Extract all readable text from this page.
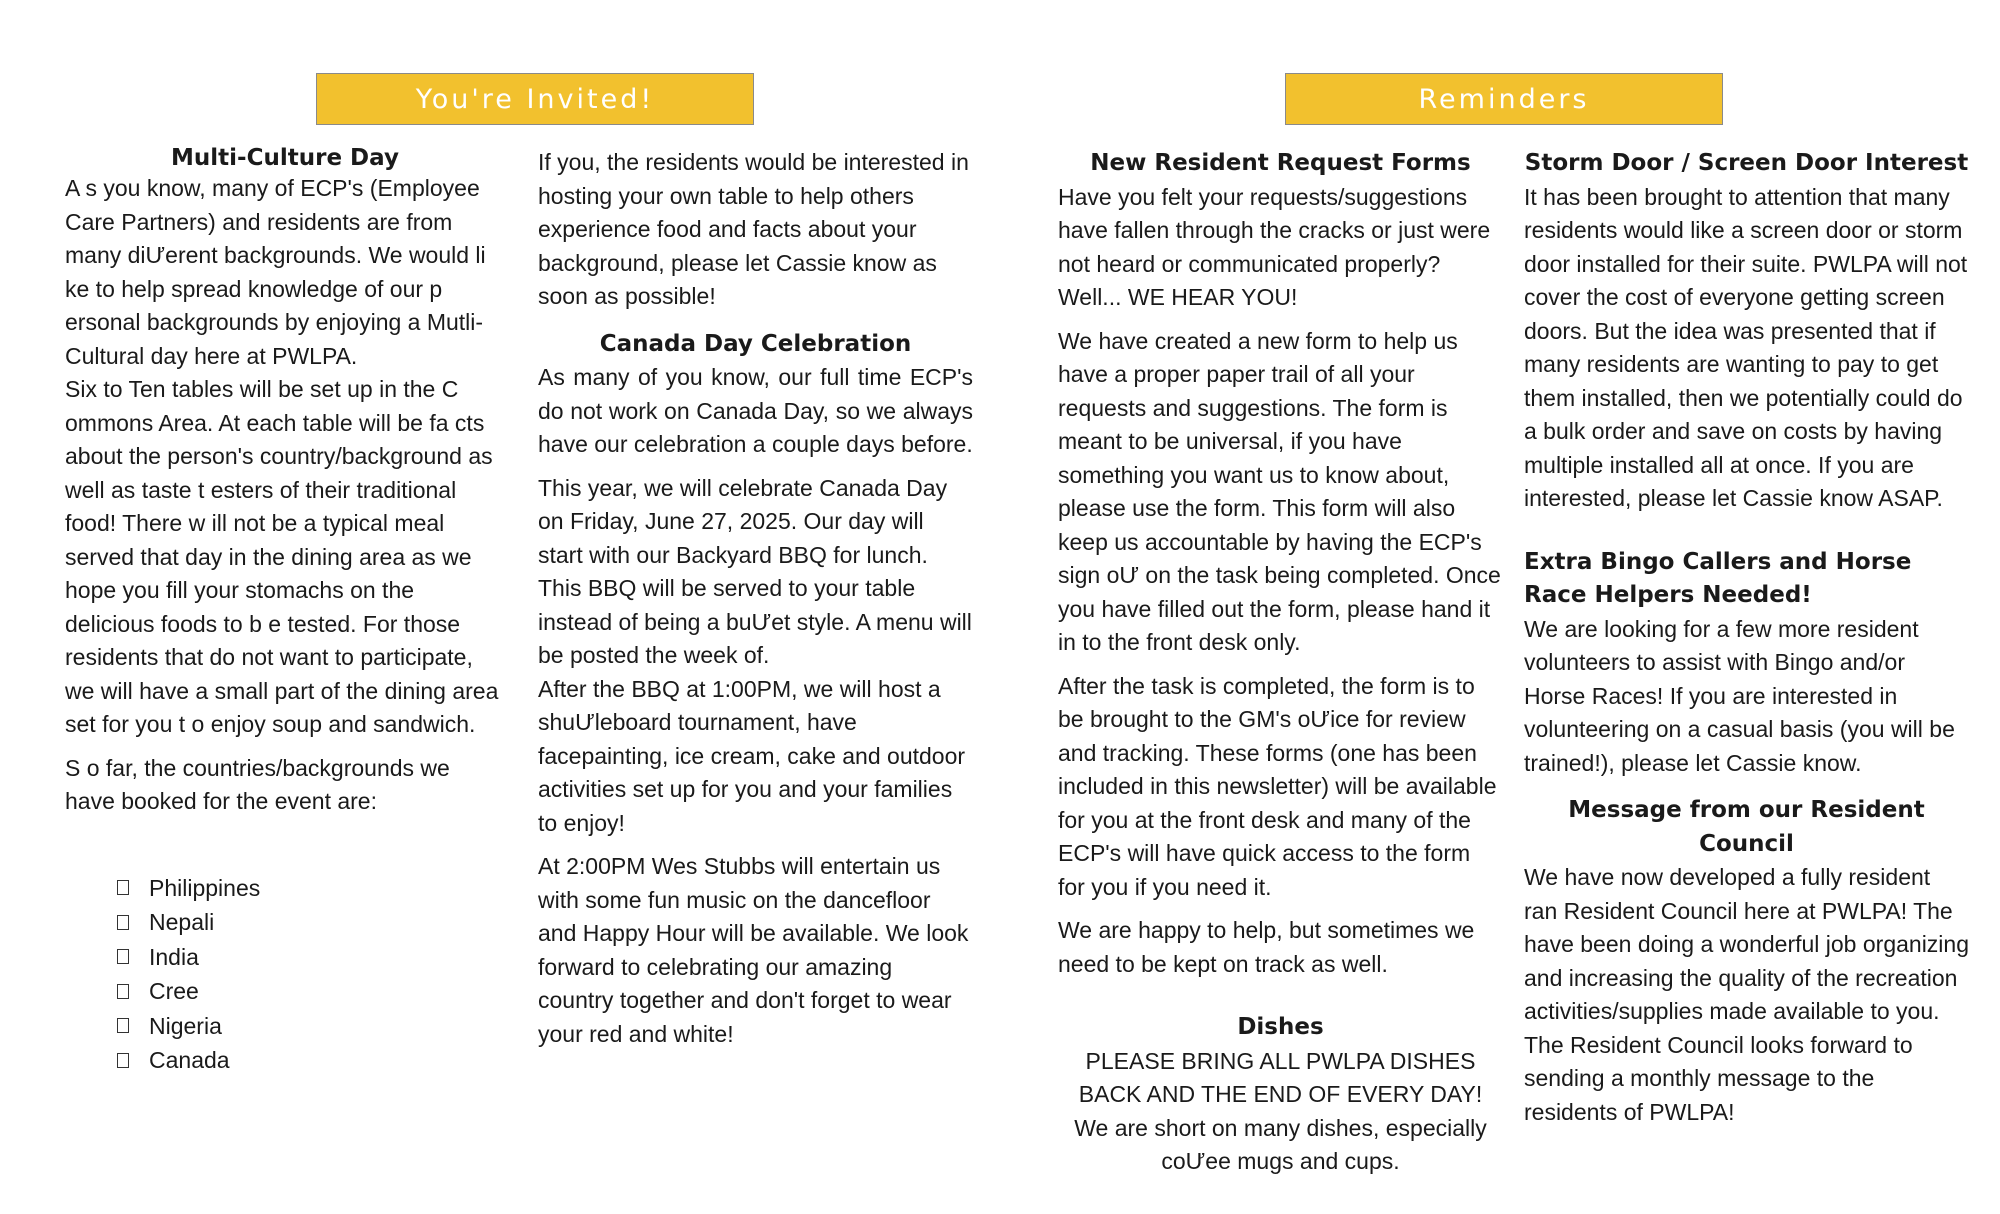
You're Invited!	Reminders

Multi-Culture Day

A s you know, many of ECP's (Employee Care Partners) and residents are from many diƯerent backgrounds. We would li ke to help spread knowledge of our p ersonal backgrounds by enjoying a Mutli-Cultural day here at PWLPA.

Six to Ten tables will be set up in the C ommons Area. At each table will be fa cts about the person's country/background as well as taste t esters of their traditional food! There w ill not be a typical meal served that day in the dining area as we hope you fill your stomachs on the delicious foods to b e tested. For those residents that do not want to participate, we will have a small part of the dining area set for you t o enjoy soup and sandwich.

S o far, the countries/backgrounds we have booked for the event are:

Philippines
Nepali
India
Cree
Nigeria
Canada

If you, the residents would be interested in hosting your own table to help others experience food and facts about your background, please let Cassie know as soon as possible!

Canada Day Celebration

As many of you know, our full time ECP's do not work on Canada Day, so we always have our celebration a couple days before.

This year, we will celebrate Canada Day on Friday, June 27, 2025. Our day will start with our Backyard BBQ for lunch. This BBQ will be served to your table instead of being a buƯet style. A menu will be posted the week of.

After the BBQ at 1:00PM, we will host a shuƯleboard tournament, have facepainting, ice cream, cake and outdoor activities set up for you and your families to enjoy!

At 2:00PM Wes Stubbs will entertain us with some fun music on the dancefloor and Happy Hour will be available. We look forward to celebrating our amazing country together and don't forget to wear your red and white!

New Resident Request Forms

Have you felt your requests/suggestions have fallen through the cracks or just were not heard or communicated properly? Well... WE HEAR YOU!

We have created a new form to help us have a proper paper trail of all your requests and suggestions. The form is meant to be universal, if you have something you want us to know about, please use the form. This form will also keep us accountable by having the ECP's sign oƯ on the task being completed. Once you have filled out the form, please hand it in to the front desk only.

After the task is completed, the form is to be brought to the GM's oƯice for review and tracking. These forms (one has been included in this newsletter) will be available for you at the front desk and many of the ECP's will have quick access to the form for you if you need it.

We are happy to help, but sometimes we need to be kept on track as well.

Dishes

PLEASE BRING ALL PWLPA DISHES BACK AND THE END OF EVERY DAY!

We are short on many dishes, especially coƯee mugs and cups.

Storm Door / Screen Door Interest

It has been brought to attention that many residents would like a screen door or storm door installed for their suite. PWLPA will not cover the cost of everyone getting screen doors. But the idea was presented that if many residents are wanting to pay to get them installed, then we potentially could do a bulk order and save on costs by having multiple installed all at once. If you are interested, please let Cassie know ASAP.

Extra Bingo Callers and Horse Race Helpers Needed!

We are looking for a few more resident volunteers to assist with Bingo and/or Horse Races! If you are interested in volunteering on a casual basis (you will be trained!), please let Cassie know.

Message from our Resident Council

We have now developed a fully resident ran Resident Council here at PWLPA! The have been doing a wonderful job organizing and increasing the quality of the recreation activities/supplies made available to you. The Resident Council looks forward to sending a monthly message to the residents of PWLPA!
